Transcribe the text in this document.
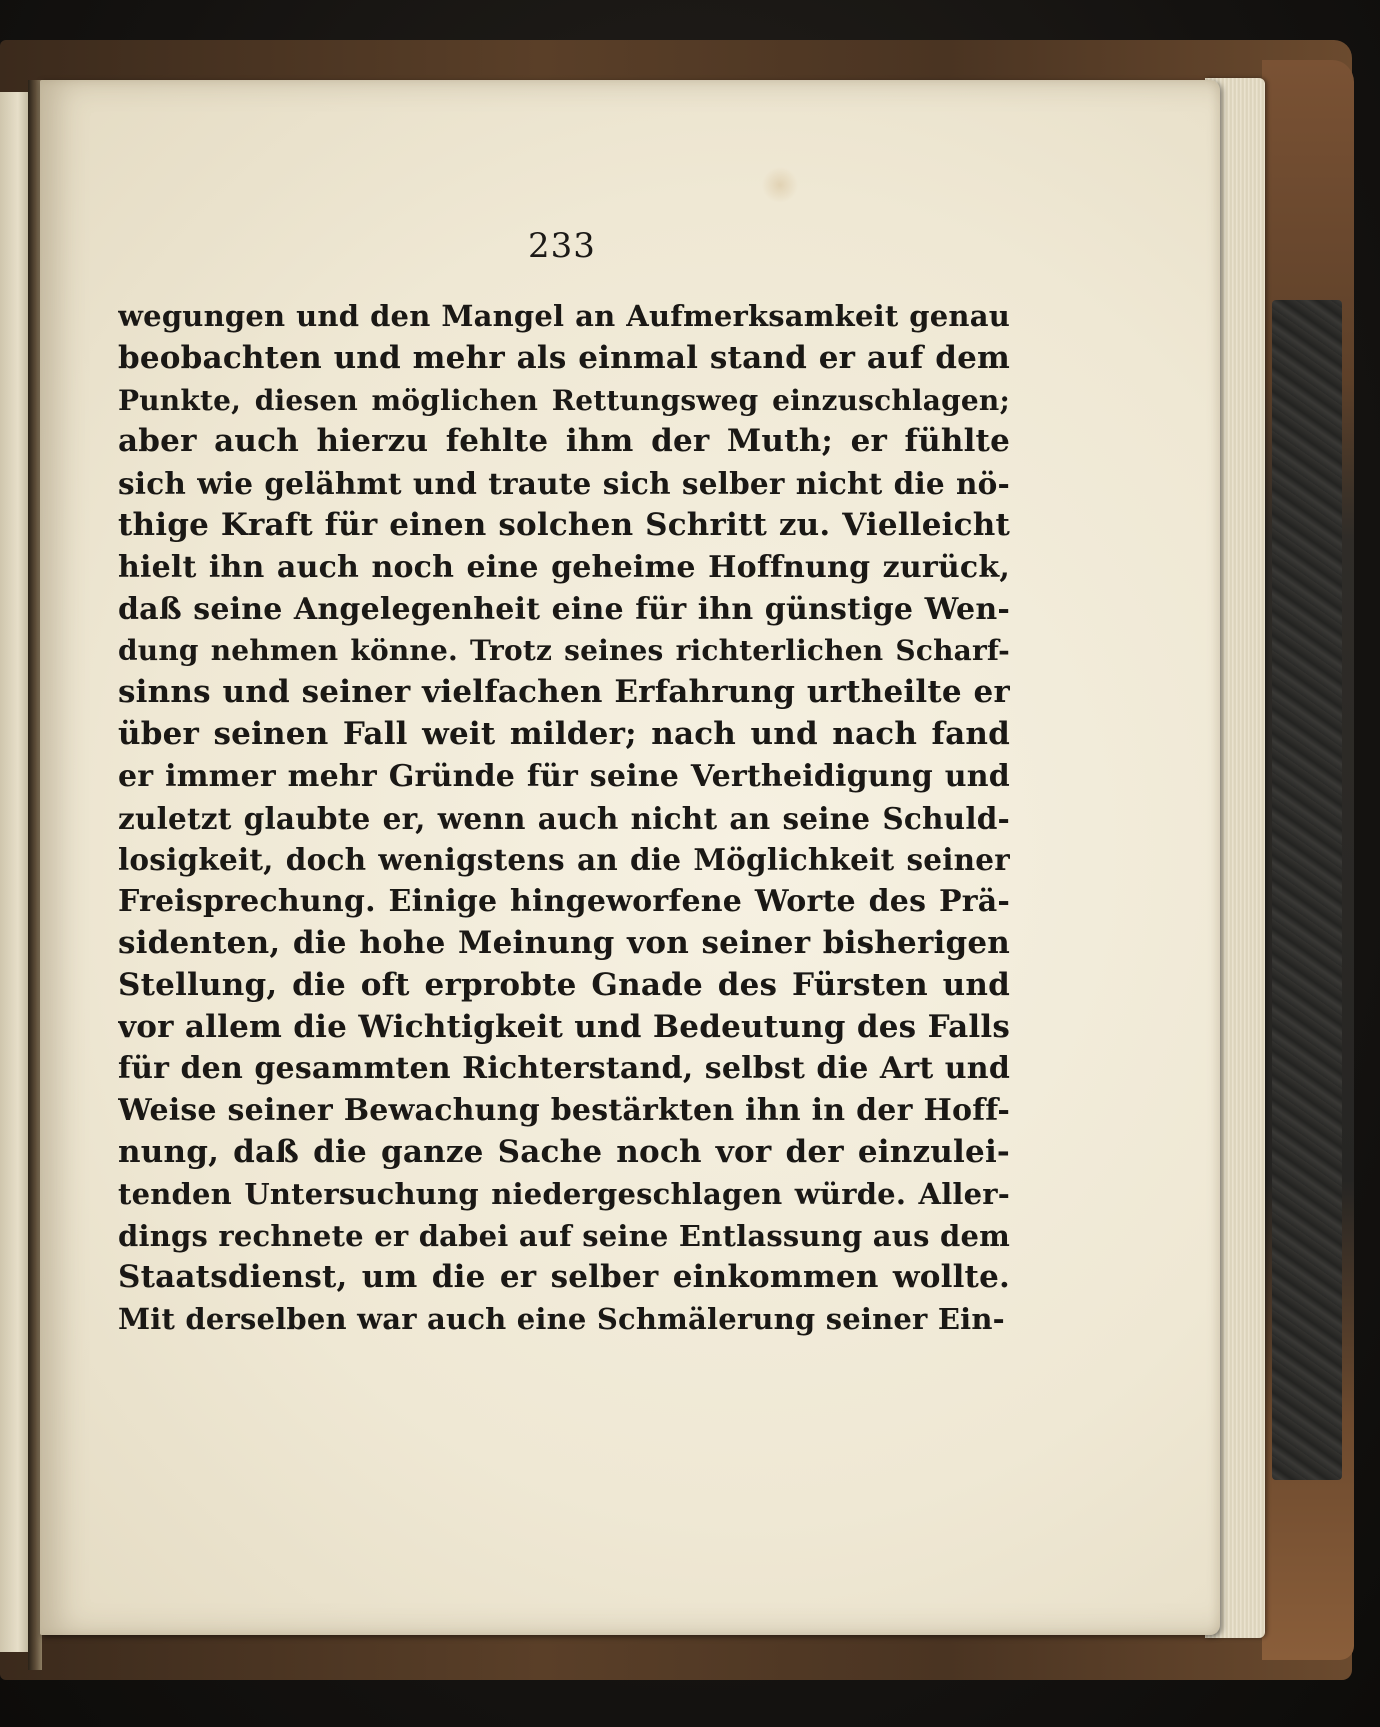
233
wegungen und den Mangel an Aufmerksamkeit genau
beobachten und mehr als einmal stand er auf dem
Punkte, diesen möglichen Rettungsweg einzuschlagen;
aber auch hierzu fehlte ihm der Muth; er fühlte
sich wie gelähmt und traute sich selber nicht die nö-
thige Kraft für einen solchen Schritt zu. Vielleicht
hielt ihn auch noch eine geheime Hoffnung zurück,
daß seine Angelegenheit eine für ihn günstige Wen-
dung nehmen könne. Trotz seines richterlichen Scharf-
sinns und seiner vielfachen Erfahrung urtheilte er
über seinen Fall weit milder; nach und nach fand
er immer mehr Gründe für seine Vertheidigung und
zuletzt glaubte er, wenn auch nicht an seine Schuld-
losigkeit, doch wenigstens an die Möglichkeit seiner
Freisprechung. Einige hingeworfene Worte des Prä-
sidenten, die hohe Meinung von seiner bisherigen
Stellung, die oft erprobte Gnade des Fürsten und
vor allem die Wichtigkeit und Bedeutung des Falls
für den gesammten Richterstand, selbst die Art und
Weise seiner Bewachung bestärkten ihn in der Hoff-
nung, daß die ganze Sache noch vor der einzulei-
tenden Untersuchung niedergeschlagen würde. Aller-
dings rechnete er dabei auf seine Entlassung aus dem
Staatsdienst, um die er selber einkommen wollte.
Mit derselben war auch eine Schmälerung seiner Ein-
